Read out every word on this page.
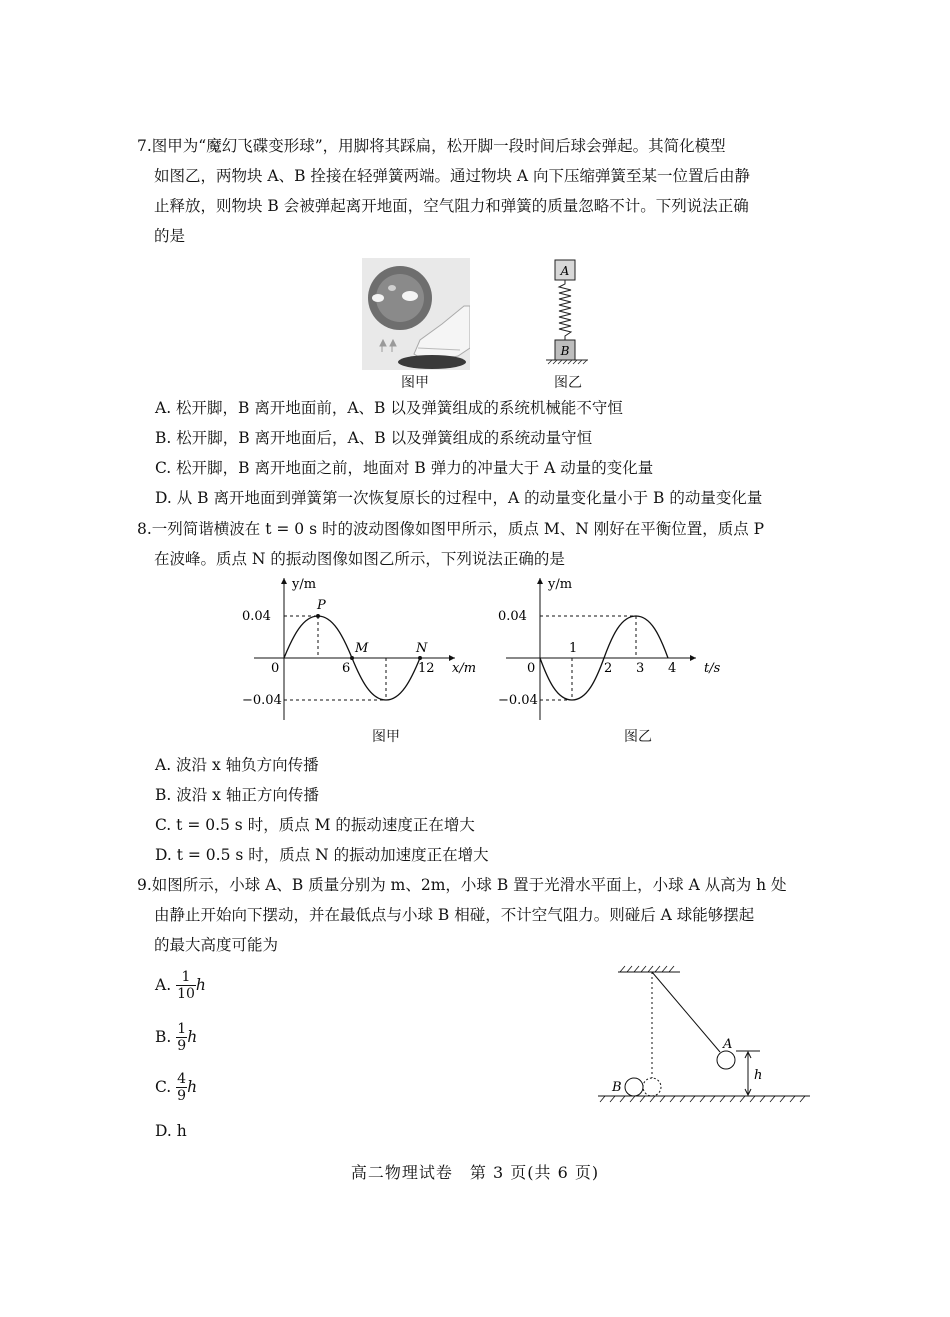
7.图甲为“魔幻飞碟变形球”，用脚将其踩扁，松开脚一段时间后球会弹起。其简化模型

如图乙，两物块 A、B 拴接在轻弹簧两端。通过物块 A 向下压缩弹簧至某一位置后由静

止释放，则物块 B 会被弹起离开地面，空气阻力和弹簧的质量忽略不计。下列说法正确

的是

图甲
A
B
图乙
A. 松开脚，B 离开地面前，A、B 以及弹簧组成的系统机械能不守恒
B. 松开脚，B 离开地面后，A、B 以及弹簧组成的系统动量守恒
C. 松开脚，B 离开地面之前，地面对 B 弹力的冲量大于 A 动量的变化量
D. 从 B 离开地面到弹簧第一次恢复原长的过程中，A 的动量变化量小于 B 的动量变化量

8.一列简谐横波在 t = 0 s 时的波动图像如图甲所示，质点 M、N 刚好在平衡位置，质点 P

在波峰。质点 N 的振动图像如图乙所示，下列说法正确的是

y/m
x/m
0.04
−0.04
0	6	12
P
M	N
图甲
y/m
t/s
0.04
−0.04
0
1
2 3 4
图乙
A. 波沿 x 轴负方向传播
B. 波沿 x 轴正方向传播
C. t = 0.5 s 时，质点 M 的振动速度正在增大
D. t = 0.5 s 时，质点 N 的振动加速度正在增大

9.如图所示，小球 A、B 质量分别为 m、2m，小球 B 置于光滑水平面上，小球 A 从高为 h 处

由静止开始向下摆动，并在最低点与小球 B 相碰，不计空气阻力。则碰后 A 球能够摆起

的最大高度可能为

A. $\frac{1}{10}$ h
B. $\frac{1}{9}$ h
C. $\frac{4}{9}$ h
D. h
A
B
h
高二物理试卷　第 3 页(共 6 页)
